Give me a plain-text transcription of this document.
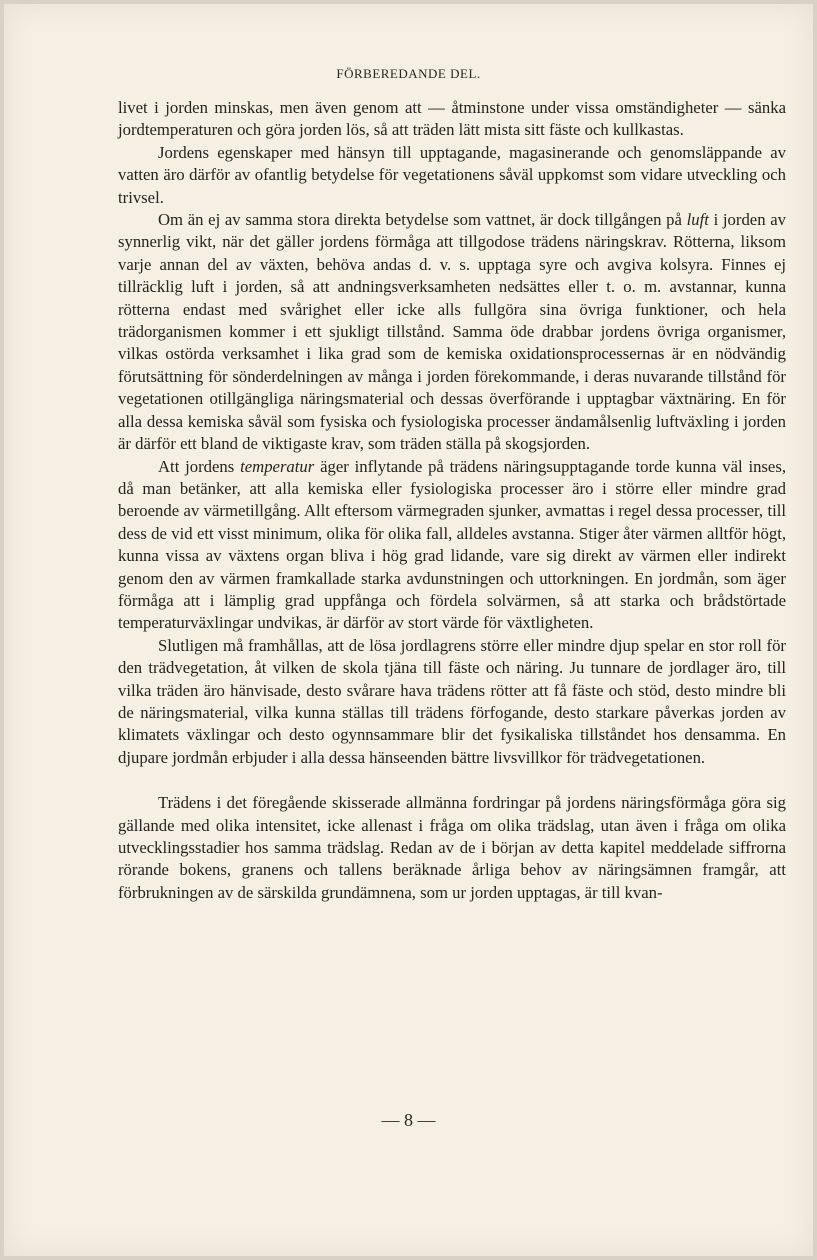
FÖRBEREDANDE DEL.

livet i jorden minskas, men även genom att — åtminstone under vissa omständigheter — sänka jordtemperaturen och göra jorden lös, så att träden lätt mista sitt fäste och kullkastas.

Jordens egenskaper med hänsyn till upptagande, magasinerande och genomsläppande av vatten äro därför av ofantlig betydelse för vegetationens såväl uppkomst som vidare utveckling och trivsel.

Om än ej av samma stora direkta betydelse som vattnet, är dock tillgången på luft i jorden av synnerlig vikt, när det gäller jordens förmåga att tillgodose trädens näringskrav. Rötterna, liksom varje annan del av växten, behöva andas d. v. s. upptaga syre och avgiva kolsyra. Finnes ej tillräcklig luft i jorden, så att andningsverksamheten nedsättes eller t. o. m. avstannar, kunna rötterna endast med svårighet eller icke alls fullgöra sina övriga funktioner, och hela trädorganismen kommer i ett sjukligt tillstånd. Samma öde drabbar jordens övriga organismer, vilkas ostörda verksamhet i lika grad som de kemiska oxidationsprocessernas är en nödvändig förutsättning för sönderdelningen av många i jorden förekommande, i deras nuvarande tillstånd för vegetationen otillgängliga näringsmaterial och dessas överförande i upptagbar växtnäring. En för alla dessa kemiska såväl som fysiska och fysiologiska processer ändamålsenlig luftväxling i jorden är därför ett bland de viktigaste krav, som träden ställa på skogsjorden.

Att jordens temperatur äger inflytande på trädens näringsupptagande torde kunna väl inses, då man betänker, att alla kemiska eller fysiologiska processer äro i större eller mindre grad beroende av värmetillgång. Allt eftersom värmegraden sjunker, avmattas i regel dessa processer, till dess de vid ett visst minimum, olika för olika fall, alldeles avstanna. Stiger åter värmen alltför högt, kunna vissa av växtens organ bliva i hög grad lidande, vare sig direkt av värmen eller indirekt genom den av värmen framkallade starka avdunstningen och uttorkningen. En jordmån, som äger förmåga att i lämplig grad uppfånga och fördela solvärmen, så att starka och brådstörtade temperaturväxlingar undvikas, är därför av stort värde för växtligheten.

Slutligen må framhållas, att de lösa jordlagrens större eller mindre djup spelar en stor roll för den trädvegetation, åt vilken de skola tjäna till fäste och näring. Ju tunnare de jordlager äro, till vilka träden äro hänvisade, desto svårare hava trädens rötter att få fäste och stöd, desto mindre bli de näringsmaterial, vilka kunna ställas till trädens förfogande, desto starkare påverkas jorden av klimatets växlingar och desto ogynnsammare blir det fysikaliska tillståndet hos densamma. En djupare jordmån erbjuder i alla dessa hänseenden bättre livsvillkor för trädvegetationen.

Trädens i det föregående skisserade allmänna fordringar på jordens näringsförmåga göra sig gällande med olika intensitet, icke allenast i fråga om olika trädslag, utan även i fråga om olika utvecklingsstadier hos samma trädslag. Redan av de i början av detta kapitel meddelade siffrorna rörande bokens, granens och tallens beräknade årliga behov av näringsämnen framgår, att förbrukningen av de särskilda grundämnena, som ur jorden upptagas, är till kvan-

— 8 —
